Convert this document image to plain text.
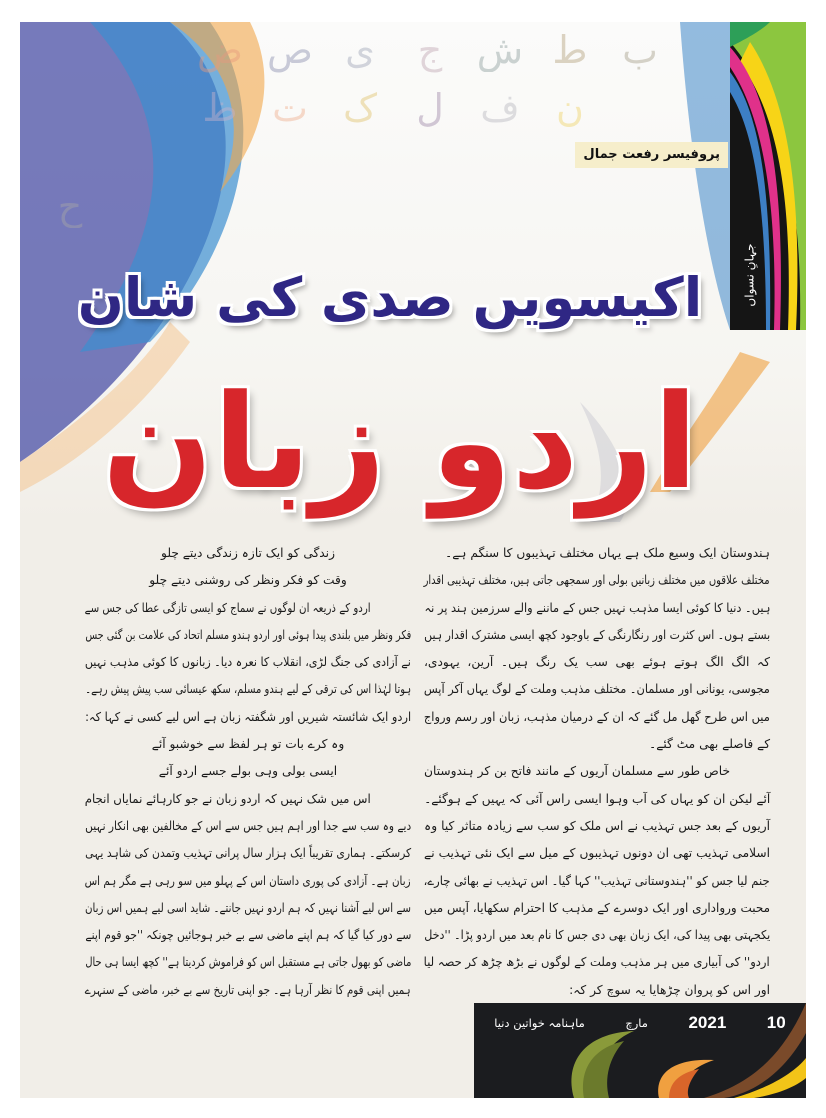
ض ص ی	ج ش ط ب
ظ ت ک	ل ف ن
ح
جہانِ نسواں
پروفیسر رفعت جمال
اکیسویں صدی کی شان
اردو زبان
ہندوستان ایک وسیع ملک ہے یہاں مختلف تہذیبوں کا سنگم ہے۔
مختلف علاقوں میں مختلف زبانیں بولی اور سمجھی جاتی ہیں، مختلف تہذیبی اقدار
ہیں۔ دنیا کا کوئی ایسا مذہب نہیں جس کے ماننے والے سرزمین ہند پر نہ
بستے ہوں۔ اس کثرت اور رنگارنگی کے باوجود کچھ ایسی مشترک اقدار ہیں
کہ الگ الگ ہوتے ہوئے بھی سب یک رنگ ہیں۔ آرین، یہودی،
مجوسی، یونانی اور مسلمان۔ مختلف مذہب وملت کے لوگ یہاں آکر آپس
میں اس طرح گھل مل گئے کہ ان کے درمیان مذہب، زبان اور رسم ورواج
کے فاصلے بھی مٹ گئے۔
خاص طور سے مسلمان آریوں کے مانند فاتح بن کر ہندوستان
آئے لیکن ان کو یہاں کی آب وہوا ایسی راس آئی کہ یہیں کے ہوگئے۔
آریوں کے بعد جس تہذیب نے اس ملک کو سب سے زیادہ متاثر کیا وہ
اسلامی تہذیب تھی ان دونوں تہذیبوں کے میل سے ایک نئی تہذیب نے
جنم لیا جس کو ''ہندوستانی تہذیب'' کہا گیا۔ اس تہذیب نے بھائی چارے،
محبت ورواداری اور ایک دوسرے کے مذہب کا احترام سکھایا، آپس میں
یکجہتی بھی پیدا کی، ایک زبان بھی دی جس کا نام بعد میں اردو پڑا۔ ''دخل
اردو'' کی آبیاری میں ہر مذہب وملت کے لوگوں نے بڑھ چڑھ کر حصہ لیا
اور اس کو پروان چڑھایا یہ سوچ کر کہ:
زندگی کو ایک تازہ زندگی دیتے چلو
وقت کو فکر ونظر کی روشنی دیتے چلو
اردو کے ذریعہ ان لوگوں نے سماج کو ایسی تازگی عطا کی جس سے
فکر ونظر میں بلندی پیدا ہوئی اور اردو ہندو مسلم اتحاد کی علامت بن گئی جس
نے آزادی کی جنگ لڑی، انقلاب کا نعرہ دیا۔ زبانوں کا کوئی مذہب نہیں
ہوتا لہٰذا اس کی ترقی کے لیے ہندو مسلم، سکھ عیسائی سب پیش پیش رہے۔
اردو ایک شائستہ شیریں اور شگفتہ زبان ہے اس لیے کسی نے کہا کہ:
وہ کرے بات تو ہر لفظ سے خوشبو آئے
ایسی بولی وہی بولے جسے اردو آئے
اس میں شک نہیں کہ اردو زبان نے جو کارہائے نمایاں انجام
دیے وہ سب سے جدا اور اہم ہیں جس سے اس کے مخالفین بھی انکار نہیں
کرسکتے۔ ہماری تقریباً ایک ہزار سال پرانی تہذیب وتمدن کی شاہد یہی
زبان ہے۔ آزادی کی پوری داستان اس کے پہلو میں سو رہی ہے مگر ہم اس
سے اس لیے آشنا نہیں کہ ہم اردو نہیں جانتے۔ شاید اسی لیے ہمیں اس زبان
سے دور کیا گیا کہ ہم اپنے ماضی سے بے خبر ہوجائیں چونکہ ''جو قوم اپنے
ماضی کو بھول جاتی ہے مستقبل اس کو فراموش کردیتا ہے'' کچھ ایسا ہی حال
ہمیں اپنی قوم کا نظر آرہا ہے۔ جو اپنی تاریخ سے بے خبر، ماضی کے سنہرے
ماہنامہ خواتین دنیا	مارچ 2021 10
